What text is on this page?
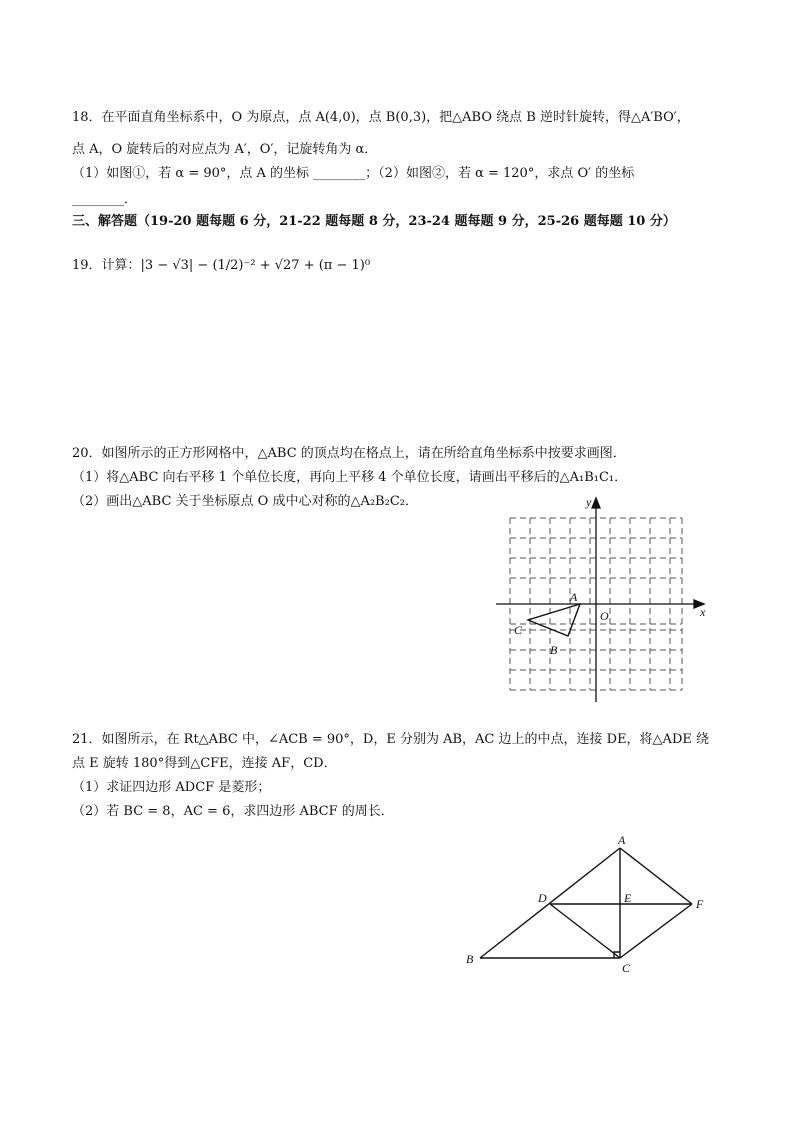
18．在平面直角坐标系中，O 为原点，点 A(4,0)，点 B(0,3)，把△ABO 绕点 B 逆时针旋转，得△A′BO′，
点 A，O 旋转后的对应点为 A′，O′，记旋转角为 α．
（1）如图①，若 α = 90°，点 A 的坐标 ________；（2）如图②，若 α = 120°，求点 O′ 的坐标
________．
三、解答题（19-20 题每题 6 分，21-22 题每题 8 分，23-24 题每题 9 分，25-26 题每题 10 分）
19．计算：|3 − √3| − (1/2)⁻² + √27 + (π − 1)⁰
20．如图所示的正方形网格中，△ABC 的顶点均在格点上，请在所给直角坐标系中按要求画图．
（1）将△ABC 向右平移 1 个单位长度，再向上平移 4 个单位长度，请画出平移后的△A₁B₁C₁．
（2）画出△ABC 关于坐标原点 O 成中心对称的△A₂B₂C₂．
x
y
O
A
B
C
21．如图所示，在 Rt△ABC 中，∠ACB = 90°，D，E 分别为 AB，AC 边上的中点，连接 DE，将△ADE 绕
点 E 旋转 180°得到△CFE，连接 AF，CD．
（1）求证四边形 ADCF 是菱形；
（2）若 BC = 8，AC = 6，求四边形 ABCF 的周长．
A
B
C
D	E	F
